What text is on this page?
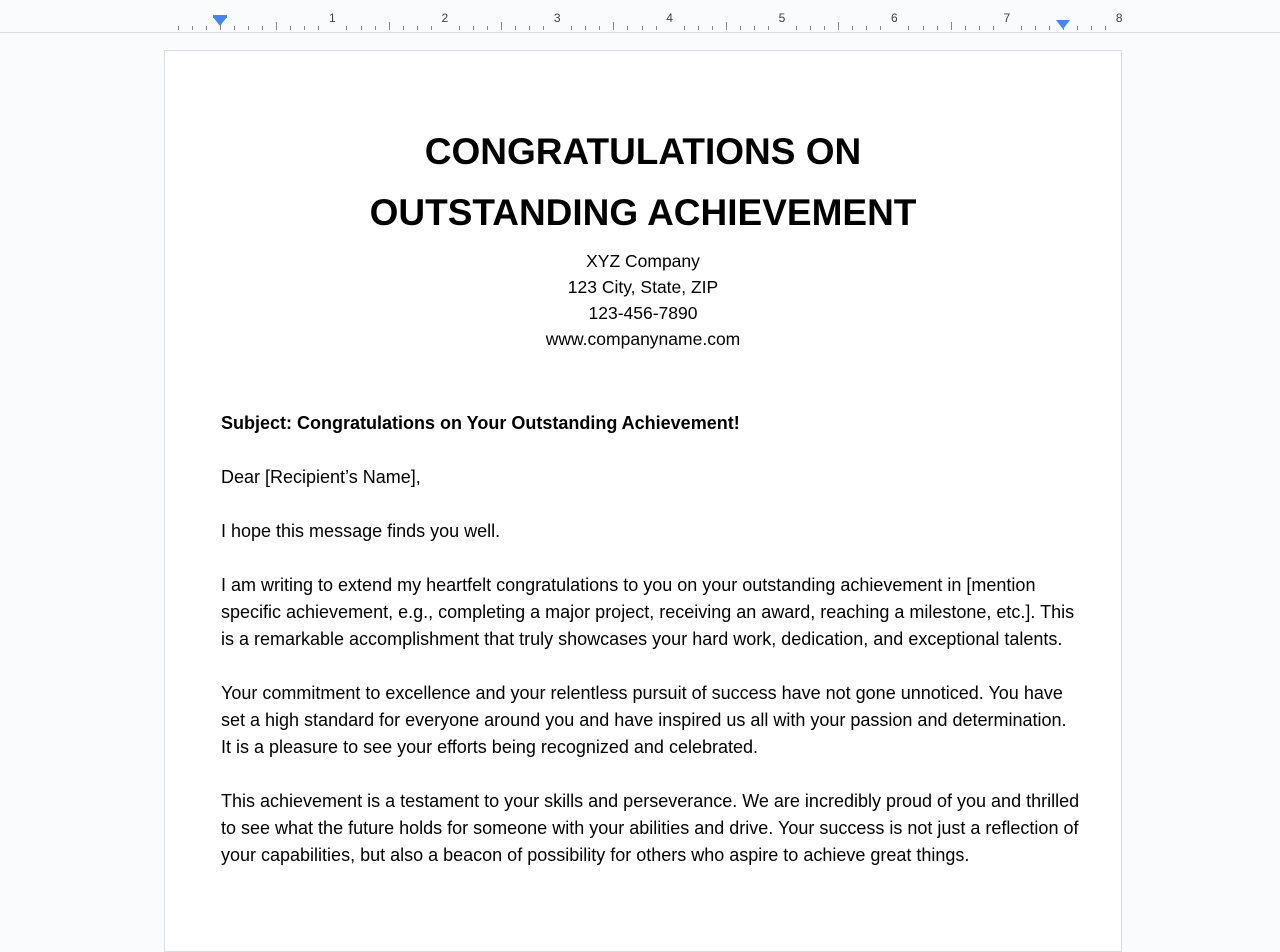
1	2	3	4	5	6	7	8
CONGRATULATIONS ON
OUTSTANDING ACHIEVEMENT
XYZ Company
123 City, State, ZIP
123-456-7890
www.companyname.com

Subject: Congratulations on Your Outstanding Achievement!

Dear [Recipient’s Name],

I hope this message finds you well.

I am writing to extend my heartfelt congratulations to you on your outstanding achievement in [mention specific achievement, e.g., completing a major project, receiving an award, reaching a milestone, etc.]. This is a remarkable accomplishment that truly showcases your hard work, dedication, and exceptional talents.

Your commitment to excellence and your relentless pursuit of success have not gone unnoticed. You have set a high standard for everyone around you and have inspired us all with your passion and determination. It is a pleasure to see your efforts being recognized and celebrated.

This achievement is a testament to your skills and perseverance. We are incredibly proud of you and thrilled to see what the future holds for someone with your abilities and drive. Your success is not just a reflection of your capabilities, but also a beacon of possibility for others who aspire to achieve great things.
